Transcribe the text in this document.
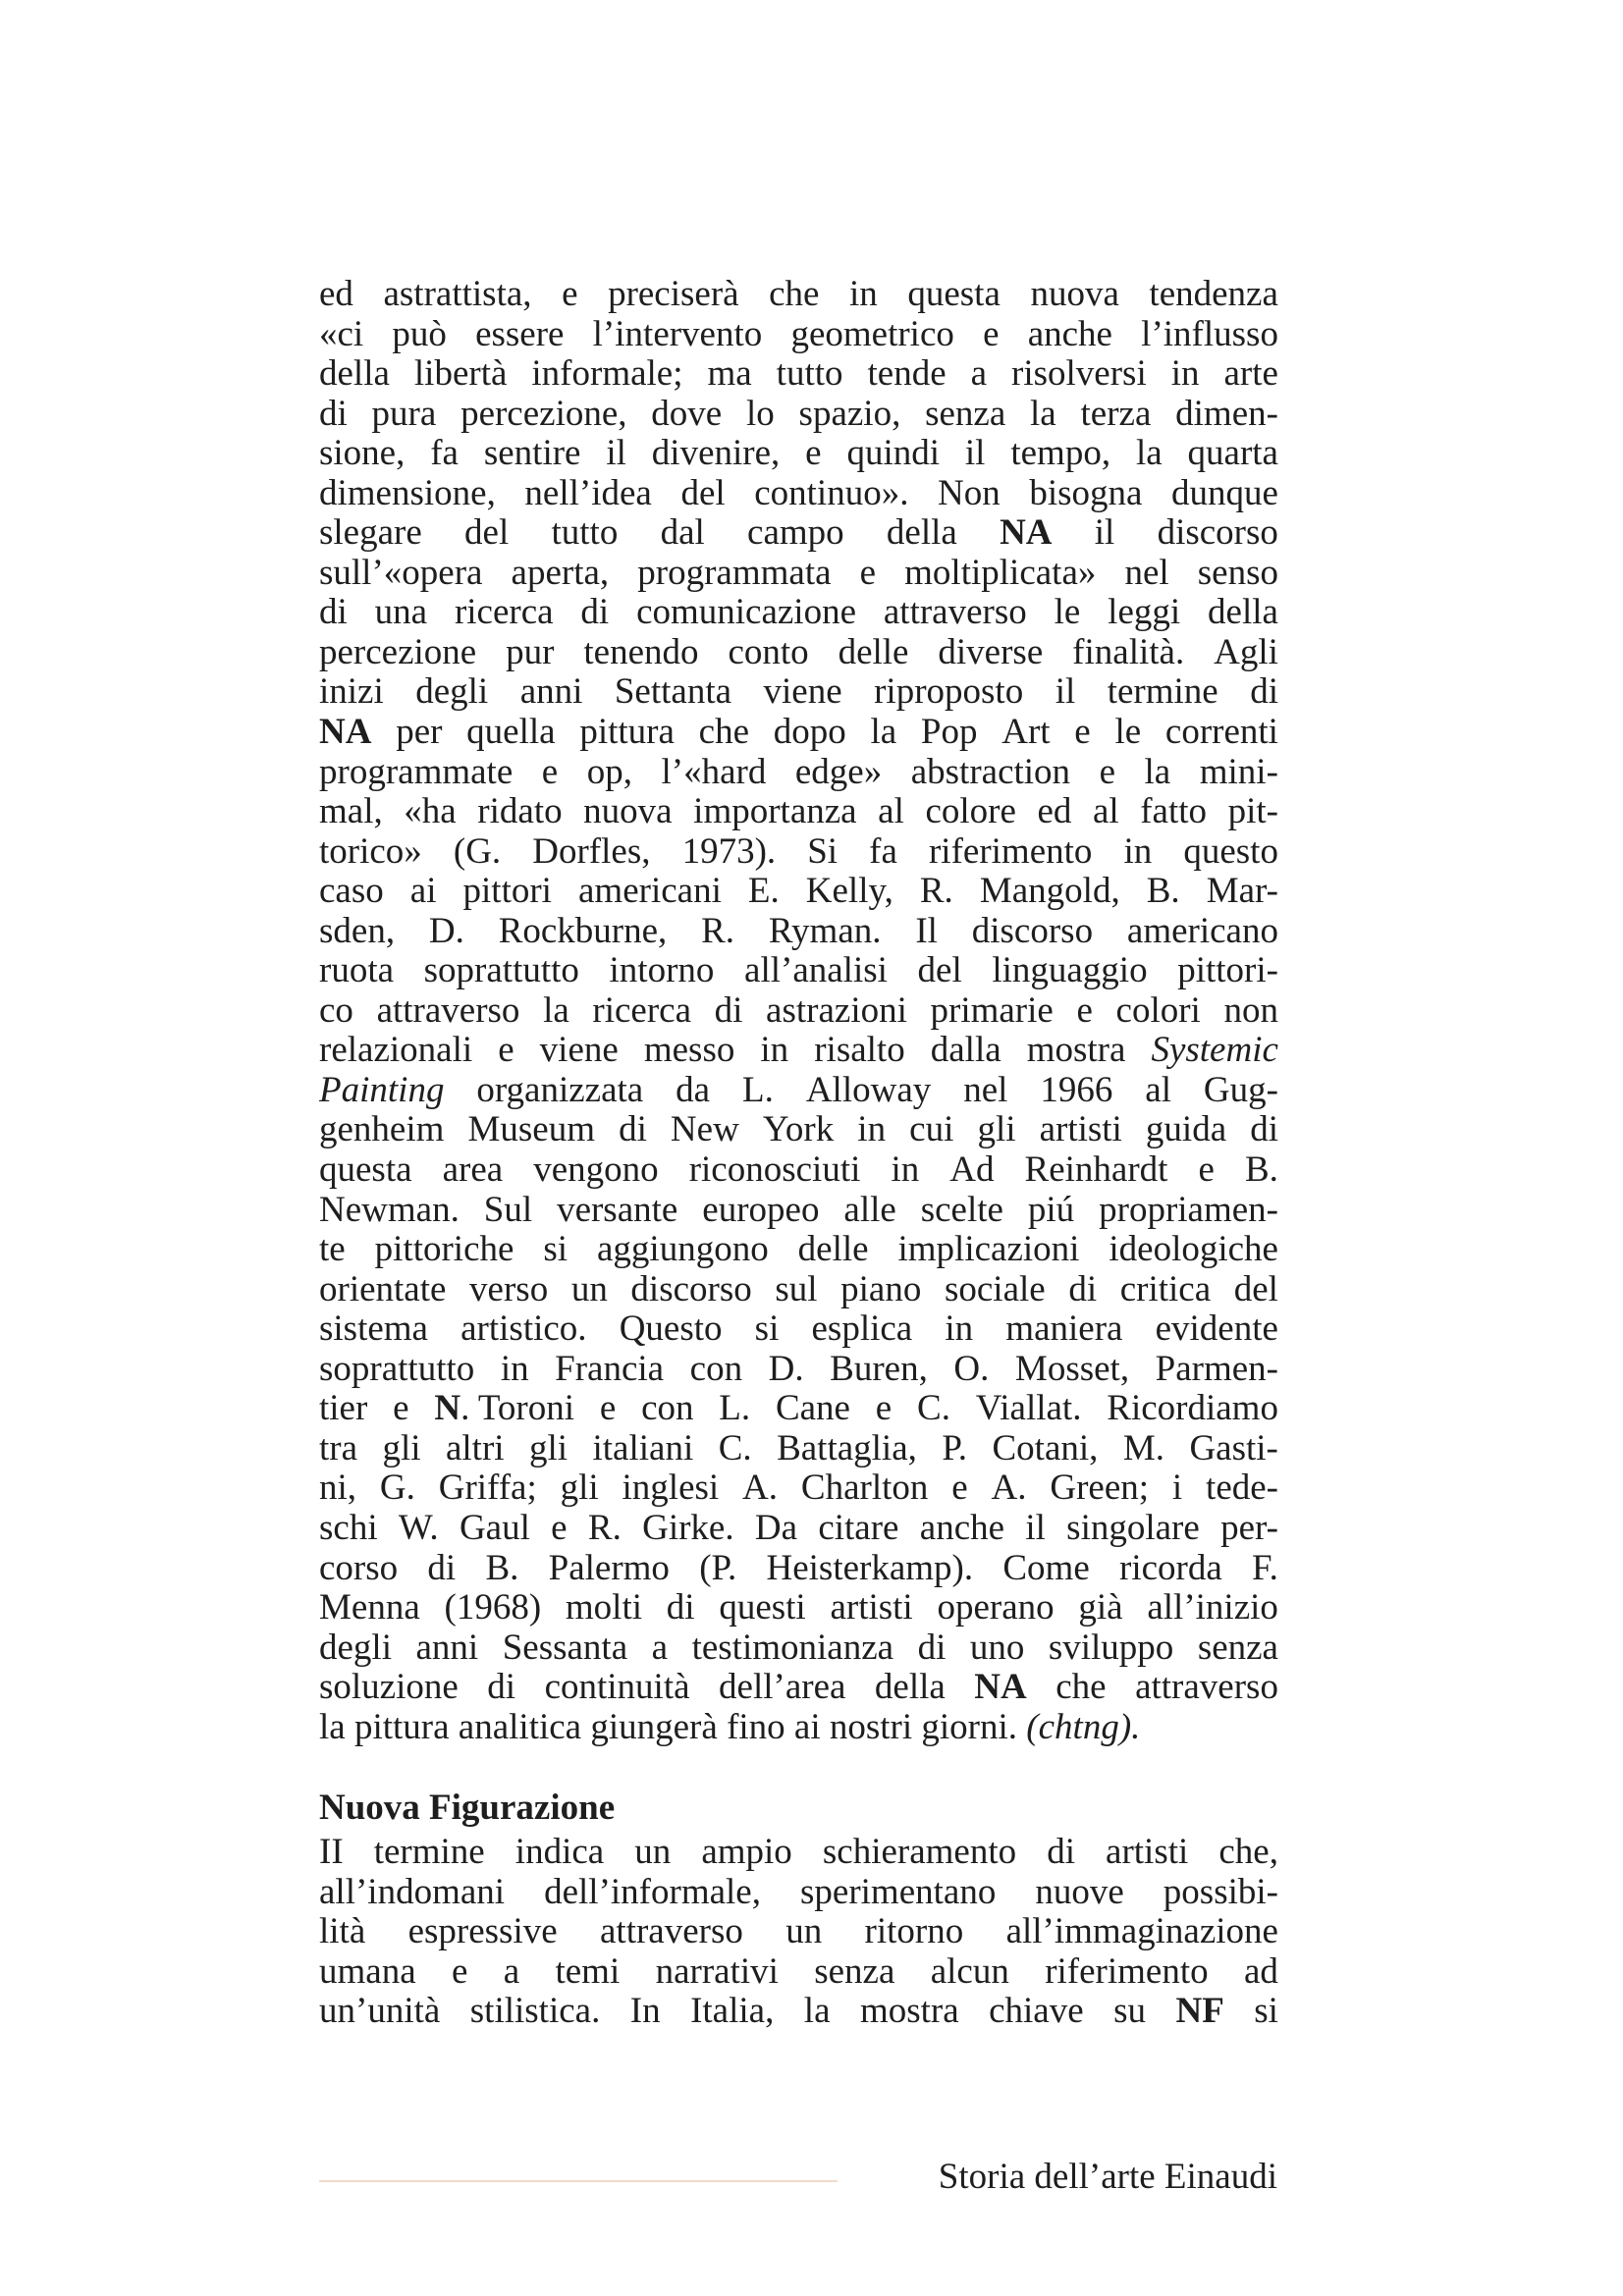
ed astrattista, e preciserà che in questa nuova tendenza
«ci può essere l’intervento geometrico e anche l’influsso
della libertà informale; ma tutto tende a risolversi in arte
di pura percezione, dove lo spazio, senza la terza dimen-
sione, fa sentire il divenire, e quindi il tempo, la quarta
dimensione, nell’idea del continuo». Non bisogna dunque
slegare del tutto dal campo della NA il discorso
sull’«opera aperta, programmata e moltiplicata» nel senso
di una ricerca di comunicazione attraverso le leggi della
percezione pur tenendo conto delle diverse finalità. Agli
inizi degli anni Settanta viene riproposto il termine di
NA per quella pittura che dopo la Pop Art e le correnti
programmate e op, l’«hard edge» abstraction e la mini-
mal, «ha ridato nuova importanza al colore ed al fatto pit-
torico» (G. Dorfles, 1973). Si fa riferimento in questo
caso ai pittori americani E. Kelly, R. Mangold, B. Mar-
sden, D. Rockburne, R. Ryman. Il discorso americano
ruota soprattutto intorno all’analisi del linguaggio pittori-
co attraverso la ricerca di astrazioni primarie e colori non
relazionali e viene messo in risalto dalla mostra Systemic
Painting organizzata da L. Alloway nel 1966 al Gug-
genheim Museum di New York in cui gli artisti guida di
questa area vengono riconosciuti in Ad Reinhardt e B.
Newman. Sul versante europeo alle scelte piú propriamen-
te pittoriche si aggiungono delle implicazioni ideologiche
orientate verso un discorso sul piano sociale di critica del
sistema artistico. Questo si esplica in maniera evidente
soprattutto in Francia con D. Buren, O. Mosset, Parmen-
tier e N. Toroni e con L. Cane e C. Viallat. Ricordiamo
tra gli altri gli italiani C. Battaglia, P. Cotani, M. Gasti-
ni, G. Griffa; gli inglesi A. Charlton e A. Green; i tede-
schi W. Gaul e R. Girke. Da citare anche il singolare per-
corso di B. Palermo (P. Heisterkamp). Come ricorda F.
Menna (1968) molti di questi artisti operano già all’inizio
degli anni Sessanta a testimonianza di uno sviluppo senza
soluzione di continuità dell’area della NA che attraverso
la pittura analitica giungerà fino ai nostri giorni. (chtng).
Nuova Figurazione
II termine indica un ampio schieramento di artisti che,
all’indomani dell’informale, sperimentano nuove possibi-
lità espressive attraverso un ritorno all’immaginazione
umana e a temi narrativi senza alcun riferimento ad
un’unità stilistica. In Italia, la mostra chiave su NF si
Storia dell’arte Einaudi
